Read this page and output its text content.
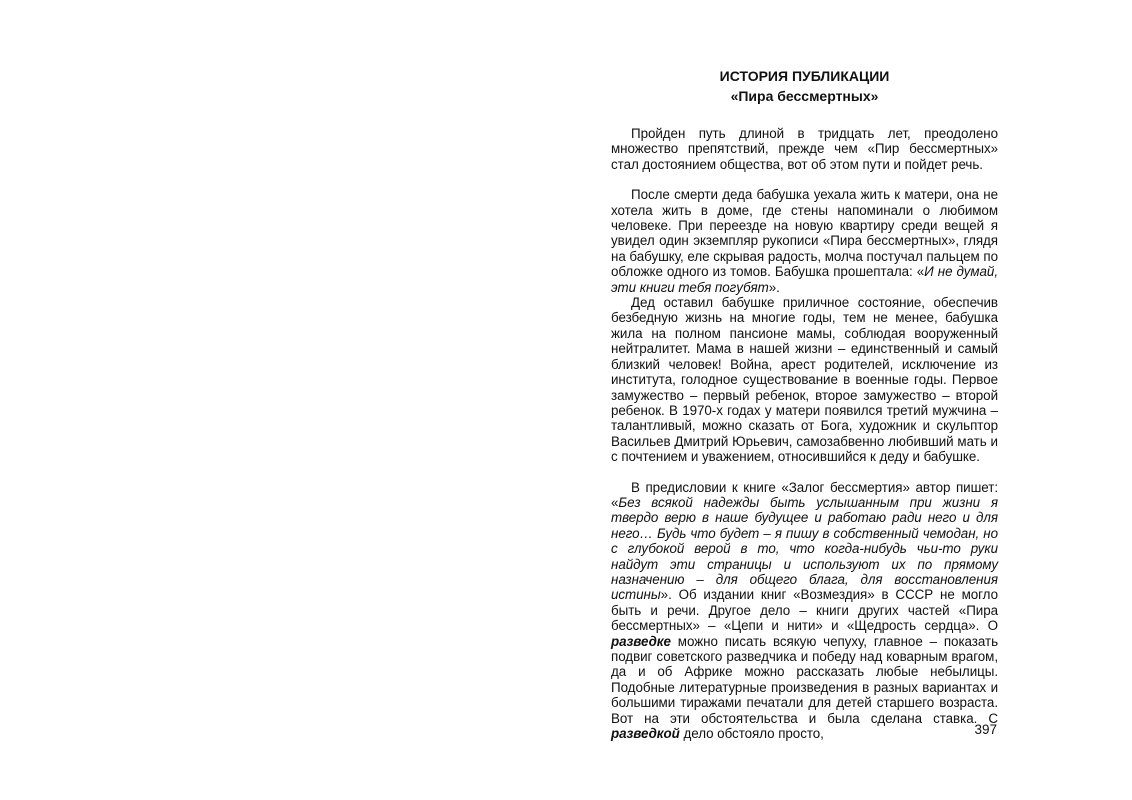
ИСТОРИЯ ПУБЛИКАЦИИ
«Пира бессмертных»

Пройден путь длиной в тридцать лет, преодолено множество препятствий, прежде чем «Пир бессмертных» стал достоянием общества, вот об этом пути и пойдет речь.

После смерти деда бабушка уехала жить к матери, она не хотела жить в доме, где стены напоминали о любимом человеке. При переезде на новую квартиру среди вещей я увидел один экземпляр рукописи «Пира бессмертных», глядя на бабушку, еле скрывая радость, молча постучал пальцем по обложке одного из томов. Бабушка прошептала: «И не думай, эти книги тебя погубят».

Дед оставил бабушке приличное состояние, обеспечив безбедную жизнь на многие годы, тем не менее, бабушка жила на полном пансионе мамы, соблюдая вооруженный нейтралитет. Мама в нашей жизни – единственный и самый близкий человек! Война, арест родителей, исключение из института, голодное существование в военные годы. Первое замужество – первый ребенок, второе замужество – второй ребенок. В 1970-х годах у матери появился третий мужчина – талантливый, можно сказать от Бога, художник и скульптор Васильев Дмитрий Юрьевич, самозабвенно любивший мать и с почтением и уважением, относившийся к деду и бабушке.

В предисловии к книге «Залог бессмертия» автор пишет: «Без всякой надежды быть услышанным при жизни я твердо верю в наше будущее и работаю ради него и для него… Будь что будет – я пишу в собственный чемодан, но с глубокой верой в то, что когда-нибудь чьи-то руки найдут эти страницы и используют их по прямому назначению – для общего блага, для восстановления истины». Об издании книг «Возмездия» в СССР не могло быть и речи. Другое дело – книги других частей «Пира бессмертных» – «Цепи и нити» и «Щедрость сердца». О разведке можно писать всякую чепуху, главное – показать подвиг советского разведчика и победу над коварным врагом, да и об Африке можно рассказать любые небылицы. Подобные литературные произведения в разных вариантах и большими тиражами печатали для детей старшего возраста. Вот на эти обстоятельства и была сделана ставка. С разведкой дело обстояло просто,	397
